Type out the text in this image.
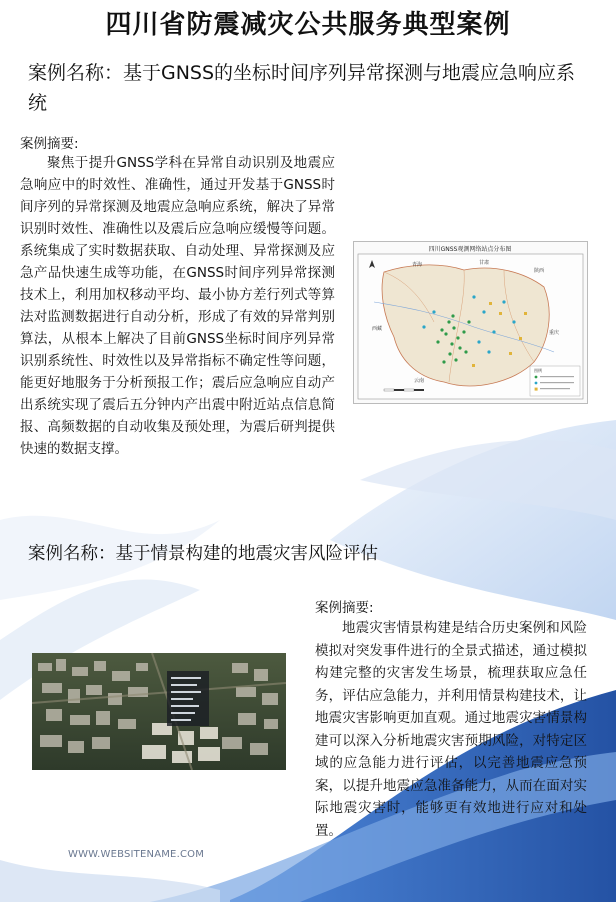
四川省防震减灾公共服务典型案例

案例名称：基于GNSS的坐标时间序列异常探测与地震应急响应系统

案例摘要:

聚焦于提升GNSS学科在异常自动识别及地震应急响应中的时效性、准确性，通过开发基于GNSS时间序列的异常探测及地震应急响应系统，解决了异常识别时效性、准确性以及震后应急响应缓慢等问题。系统集成了实时数据获取、自动处理、异常探测及应急产品快速生成等功能，在GNSS时间序列异常探测技术上，利用加权移动平均、最小协方差行列式等算法对监测数据进行自动分析，形成了有效的异常判别算法，从根本上解决了目前GNSS坐标时间序列异常识别系统性、时效性以及异常指标不确定性等问题，能更好地服务于分析预报工作；震后应急响应自动产出系统实现了震后五分钟内产出震中附近站点信息简报、高频数据的自动收集及预处理，为震后研判提供快速的数据支撑。

四川GNSS观测网络站点分布图
青海	甘肃
陕西
西藏
重庆
云南
图例

案例名称：基于情景构建的地震灾害风险评估

案例摘要:

地震灾害情景构建是结合历史案例和风险模拟对突发事件进行的全景式描述，通过模拟构建完整的灾害发生场景，梳理获取应急任务，评估应急能力，并利用情景构建技术，让地震灾害影响更加直观。通过地震灾害情景构建可以深入分析地震灾害预期风险，对特定区域的应急能力进行评估，以完善地震应急预案，以提升地震应急准备能力，从而在面对实际地震灾害时，能够更有效地进行应对和处置。

WWW.WEBSITENAME.COM
